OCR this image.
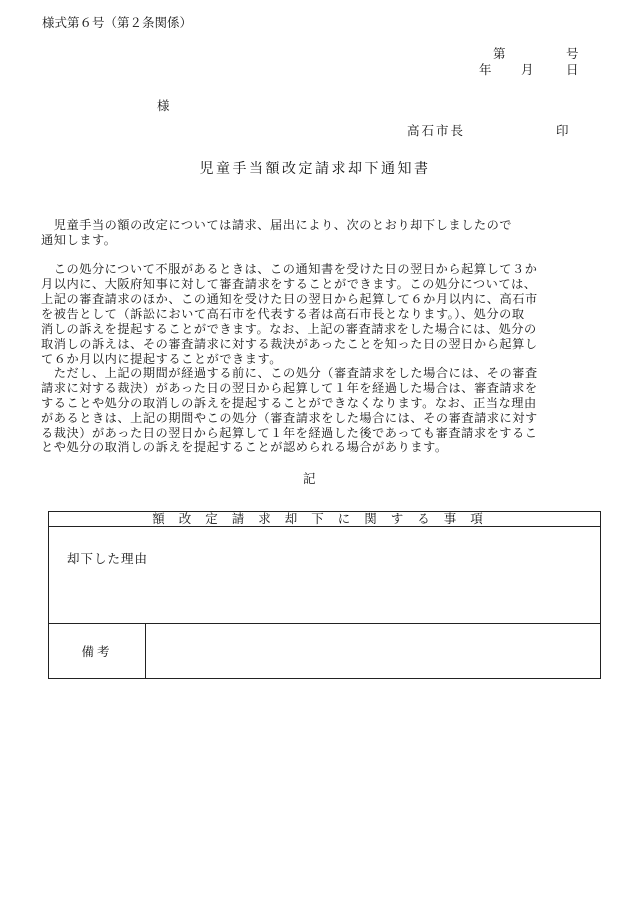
様式第６号（第２条関係）
第	号
年 月	日
様
高石市長	印
児童手当額改定請求却下通知書
　児童手当の額の改定については請求、届出により、次のとおり却下しましたので
通知します。
　この処分について不服があるときは、この通知書を受けた日の翌日から起算して３か
月以内に、大阪府知事に対して審査請求をすることができます。この処分については、
上記の審査請求のほか、この通知を受けた日の翌日から起算して６か月以内に、高石市
を被告として（訴訟において高石市を代表する者は高石市長となります。）、処分の取
消しの訴えを提起することができます。なお、上記の審査請求をした場合には、処分の
取消しの訴えは、その審査請求に対する裁決があったことを知った日の翌日から起算し
て６か月以内に提起することができます。
　ただし、上記の期間が経過する前に、この処分（審査請求をした場合には、その審査
請求に対する裁決）があった日の翌日から起算して１年を経過した場合は、審査請求を
することや処分の取消しの訴えを提起することができなくなります。なお、正当な理由
があるときは、上記の期間やこの処分（審査請求をした場合には、その審査請求に対す
る裁決）があった日の翌日から起算して１年を経過した後であっても審査請求をするこ
とや処分の取消しの訴えを提起することが認められる場合があります。
記
額改定請求却下に関する事項

却下した理由

備考	
